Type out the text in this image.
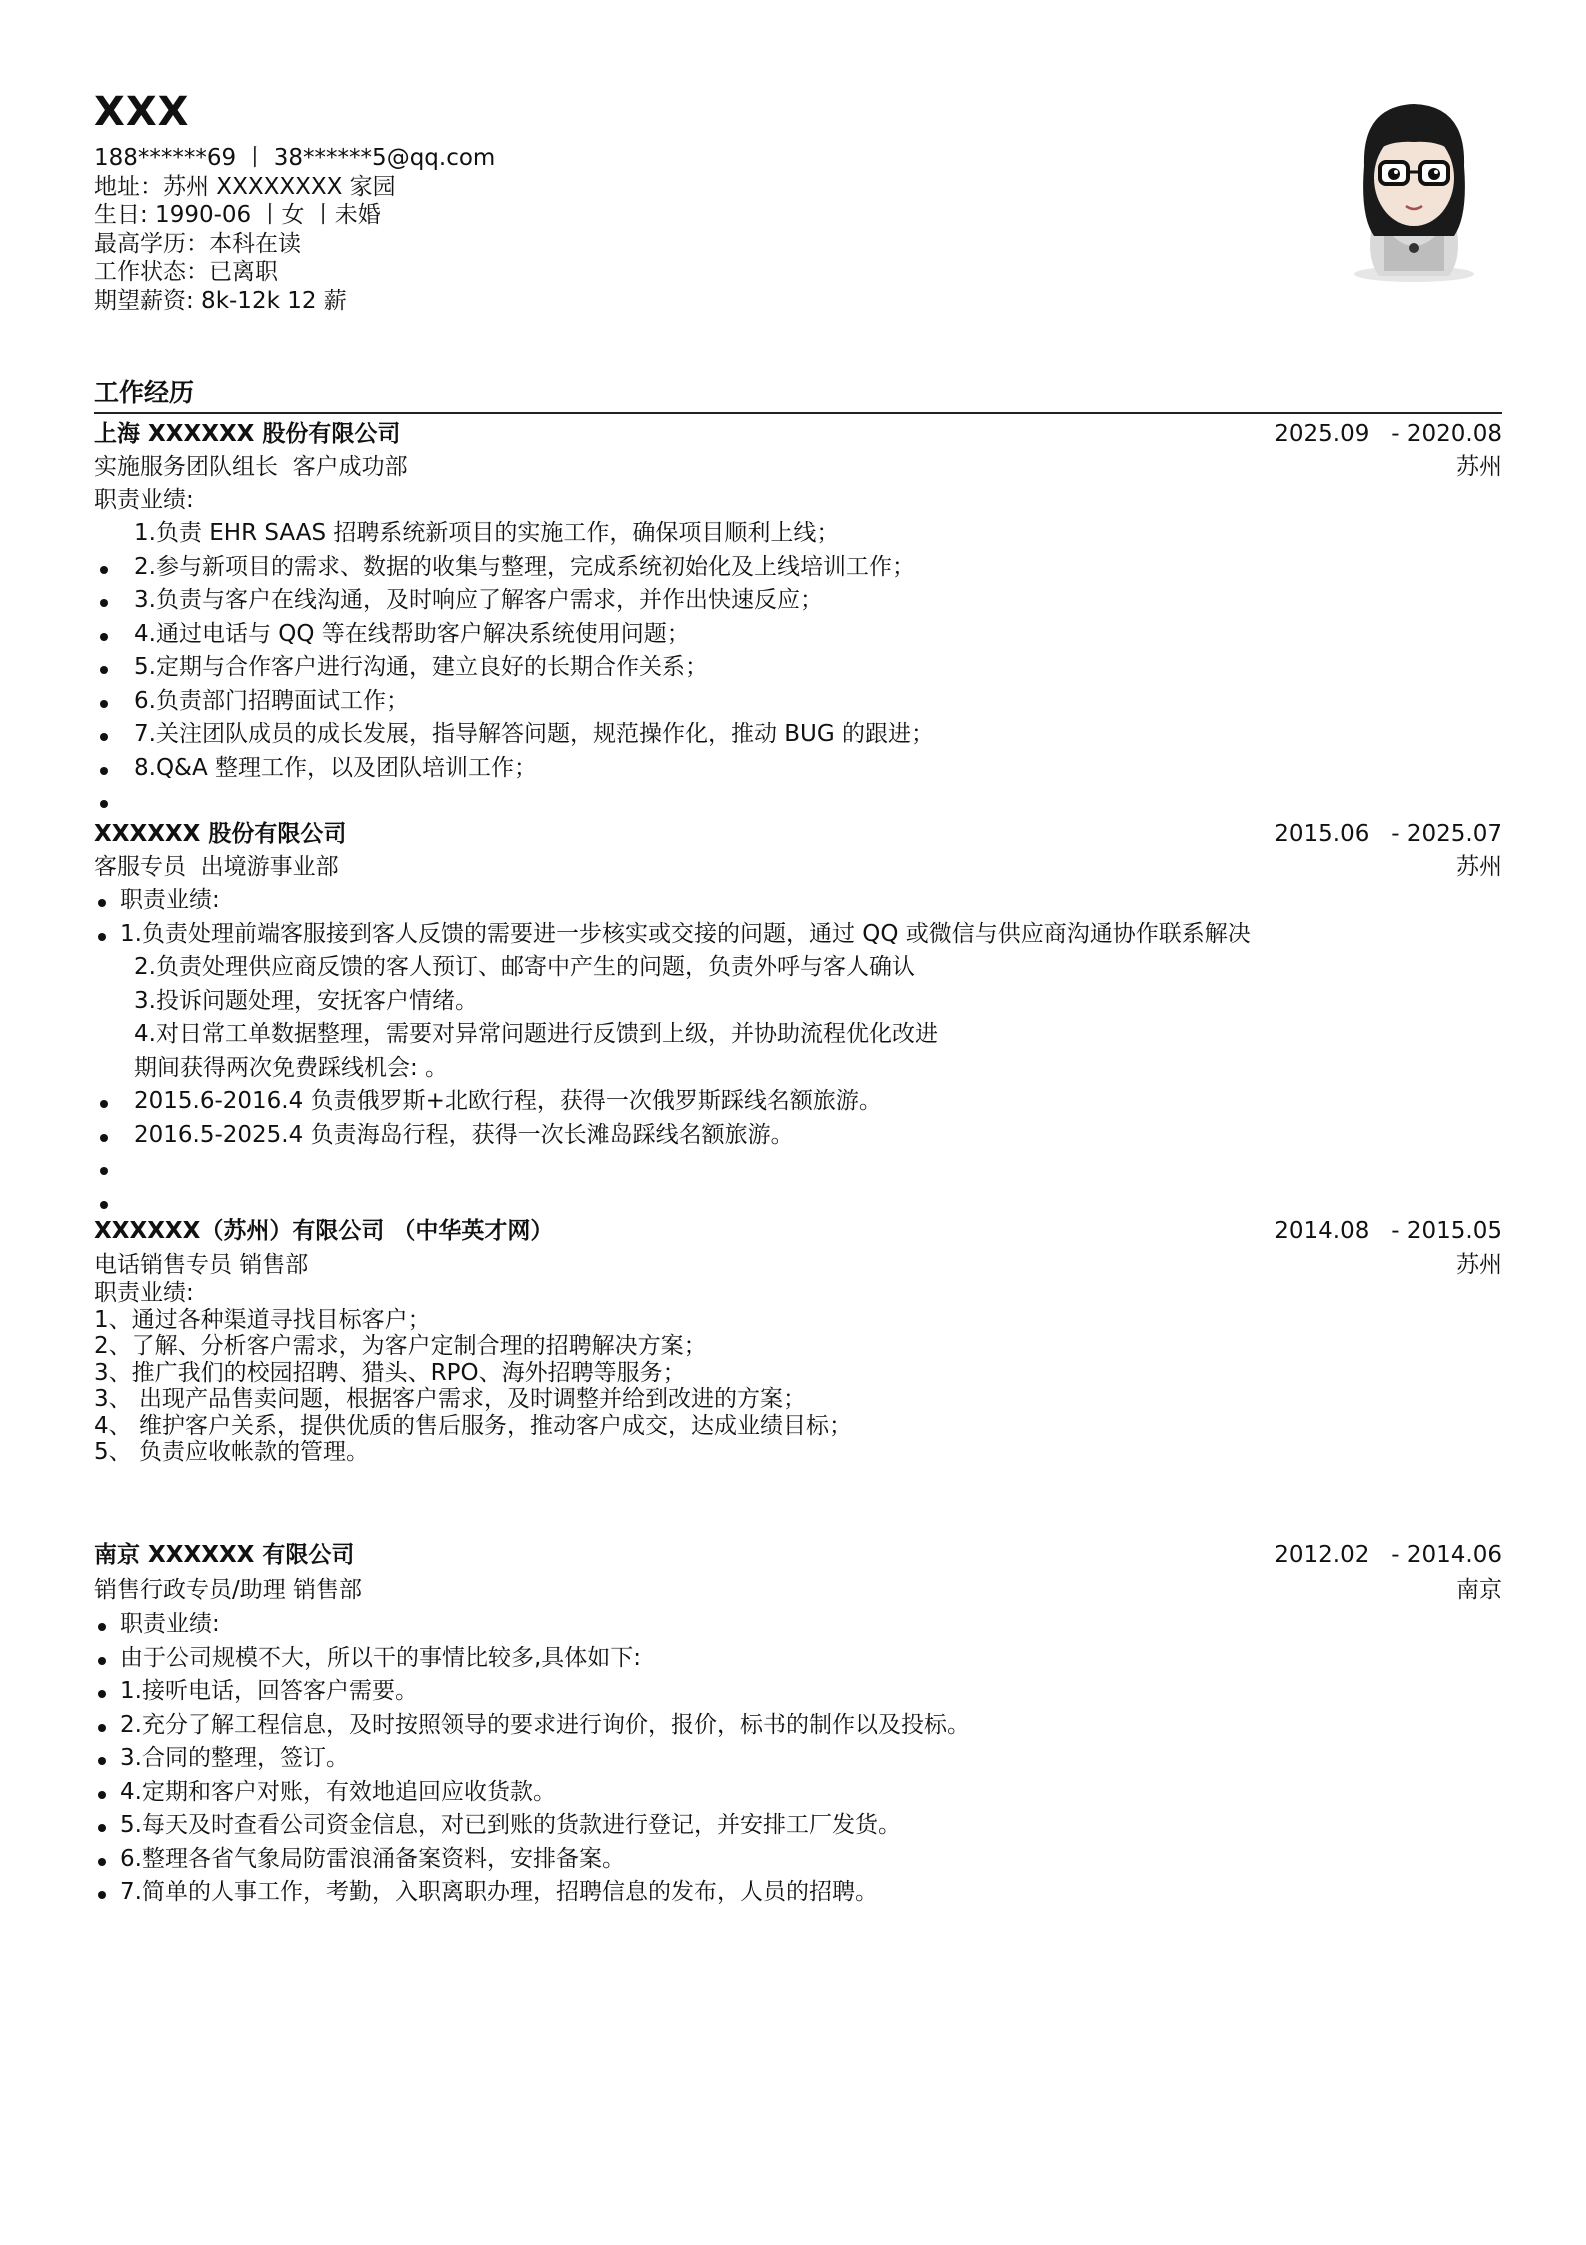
XXX
188******69 丨 38******5@qq.com
地址：苏州 XXXXXXXX 家园
生日: 1990-06 丨女 丨未婚
最高学历：本科在读
工作状态：已离职
期望薪资: 8k-12k 12 薪
工作经历
上海 XXXXXX 股份有限公司	2025.09   - 2020.08
实施服务团队组长  客户成功部	苏州
职责业绩:
1.负责 EHR SAAS 招聘系统新项目的实施工作，确保项目顺利上线；
2.参与新项目的需求、数据的收集与整理，完成系统初始化及上线培训工作；
3.负责与客户在线沟通，及时响应了解客户需求，并作出快速反应；
4.通过电话与 QQ 等在线帮助客户解决系统使用问题；
5.定期与合作客户进行沟通，建立良好的长期合作关系；
6.负责部门招聘面试工作；
7.关注团队成员的成长发展，指导解答问题，规范操作化，推动 BUG 的跟进；
8.Q&A 整理工作，以及团队培训工作；
XXXXXX 股份有限公司	2015.06   - 2025.07
客服专员  出境游事业部	苏州
职责业绩:
1.负责处理前端客服接到客人反馈的需要进一步核实或交接的问题，通过 QQ 或微信与供应商沟通协作联系解决
2.负责处理供应商反馈的客人预订、邮寄中产生的问题，负责外呼与客人确认
3.投诉问题处理，安抚客户情绪。
4.对日常工单数据整理，需要对异常问题进行反馈到上级，并协助流程优化改进
期间获得两次免费踩线机会: 。
2015.6-2016.4 负责俄罗斯+北欧行程，获得一次俄罗斯踩线名额旅游。
2016.5-2025.4 负责海岛行程，获得一次长滩岛踩线名额旅游。
XXXXXX（苏州）有限公司 （中华英才网）	2014.08   - 2015.05
电话销售专员 销售部	苏州
职责业绩:
1、通过各种渠道寻找目标客户；
2、了解、分析客户需求，为客户定制合理的招聘解决方案；
3、推广我们的校园招聘、猎头、RPO、海外招聘等服务；
3、 出现产品售卖问题，根据客户需求，及时调整并给到改进的方案；
4、 维护客户关系，提供优质的售后服务，推动客户成交，达成业绩目标；
5、 负责应收帐款的管理。
南京 XXXXXX 有限公司	2012.02   - 2014.06
销售行政专员/助理 销售部	南京
职责业绩:
由于公司规模不大，所以干的事情比较多,具体如下:
1.接听电话，回答客户需要。
2.充分了解工程信息，及时按照领导的要求进行询价，报价，标书的制作以及投标。
3.合同的整理，签订。
4.定期和客户对账，有效地追回应收货款。
5.每天及时查看公司资金信息，对已到账的货款进行登记，并安排工厂发货。
6.整理各省气象局防雷浪涌备案资料，安排备案。
7.简单的人事工作，考勤，入职离职办理，招聘信息的发布，人员的招聘。
